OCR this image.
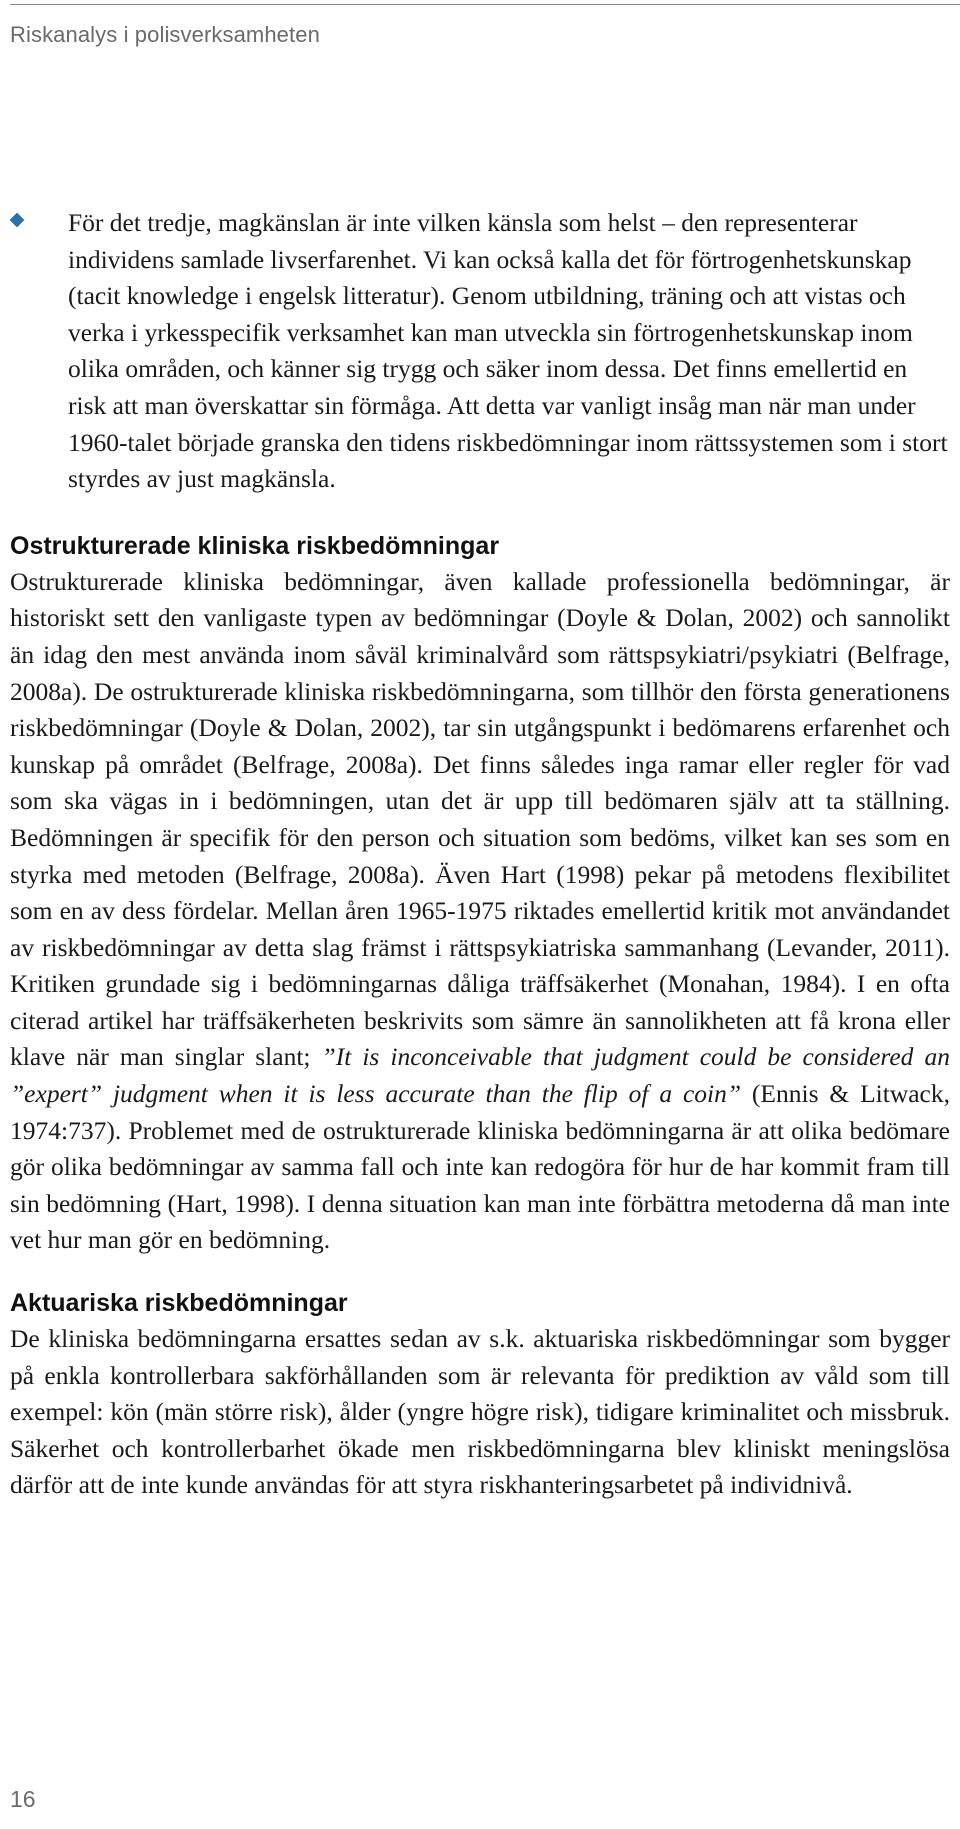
Riskanalys i polisverksamheten

För det tredje, magkänslan är inte vilken känsla som helst – den representerar individens samlade livserfarenhet. Vi kan också kalla det för förtrogenhetskunskap (tacit knowledge i engelsk litteratur). Genom utbildning, träning och att vistas och verka i yrkesspecifik verksamhet kan man utveckla sin förtrogenhetskunskap inom olika områden, och känner sig trygg och säker inom dessa. Det finns emellertid en risk att man överskattar sin förmåga. Att detta var vanligt insåg man när man under 1960-talet började granska den tidens riskbedömningar inom rättssystemen som i stort styrdes av just magkänsla.

Ostrukturerade kliniska riskbedömningar

Ostrukturerade kliniska bedömningar, även kallade professionella bedömningar, är historiskt sett den vanligaste typen av bedömningar (Doyle & Dolan, 2002) och sannolikt än idag den mest använda inom såväl kriminalvård som rättspsykiatri/psykiatri (Belfrage, 2008a). De ostrukturerade kliniska riskbedömningarna, som tillhör den första generationens riskbedömningar (Doyle & Dolan, 2002), tar sin utgångspunkt i bedömarens erfarenhet och kunskap på området (Belfrage, 2008a). Det finns således inga ramar eller regler för vad som ska vägas in i bedömningen, utan det är upp till bedömaren själv att ta ställning. Bedömningen är specifik för den person och situation som bedöms, vilket kan ses som en styrka med metoden (Belfrage, 2008a). Även Hart (1998) pekar på metodens flexibilitet som en av dess fördelar. Mellan åren 1965-1975 riktades emellertid kritik mot användandet av riskbedömningar av detta slag främst i rättspsykiatriska sammanhang (Levander, 2011). Kritiken grundade sig i bedömningarnas dåliga träffsäkerhet (Monahan, 1984). I en ofta citerad artikel har träffsäkerheten beskrivits som sämre än sannolikheten att få krona eller klave när man singlar slant; ”It is inconceivable that judgment could be considered an ”expert” judgment when it is less accurate than the flip of a coin” (Ennis & Litwack, 1974:737). Problemet med de ostrukturerade kliniska bedömningarna är att olika bedömare gör olika bedömningar av samma fall och inte kan redogöra för hur de har kommit fram till sin bedömning (Hart, 1998). I denna situation kan man inte förbättra metoderna då man inte vet hur man gör en bedömning.

Aktuariska riskbedömningar

De kliniska bedömningarna ersattes sedan av s.k. aktuariska riskbedömningar som bygger på enkla kontrollerbara sakförhållanden som är relevanta för prediktion av våld som till exempel: kön (män större risk), ålder (yngre högre risk), tidigare kriminalitet och missbruk. Säkerhet och kontrollerbarhet ökade men riskbedömningarna blev kliniskt meningslösa därför att de inte kunde användas för att styra riskhanteringsarbetet på individnivå.

16
